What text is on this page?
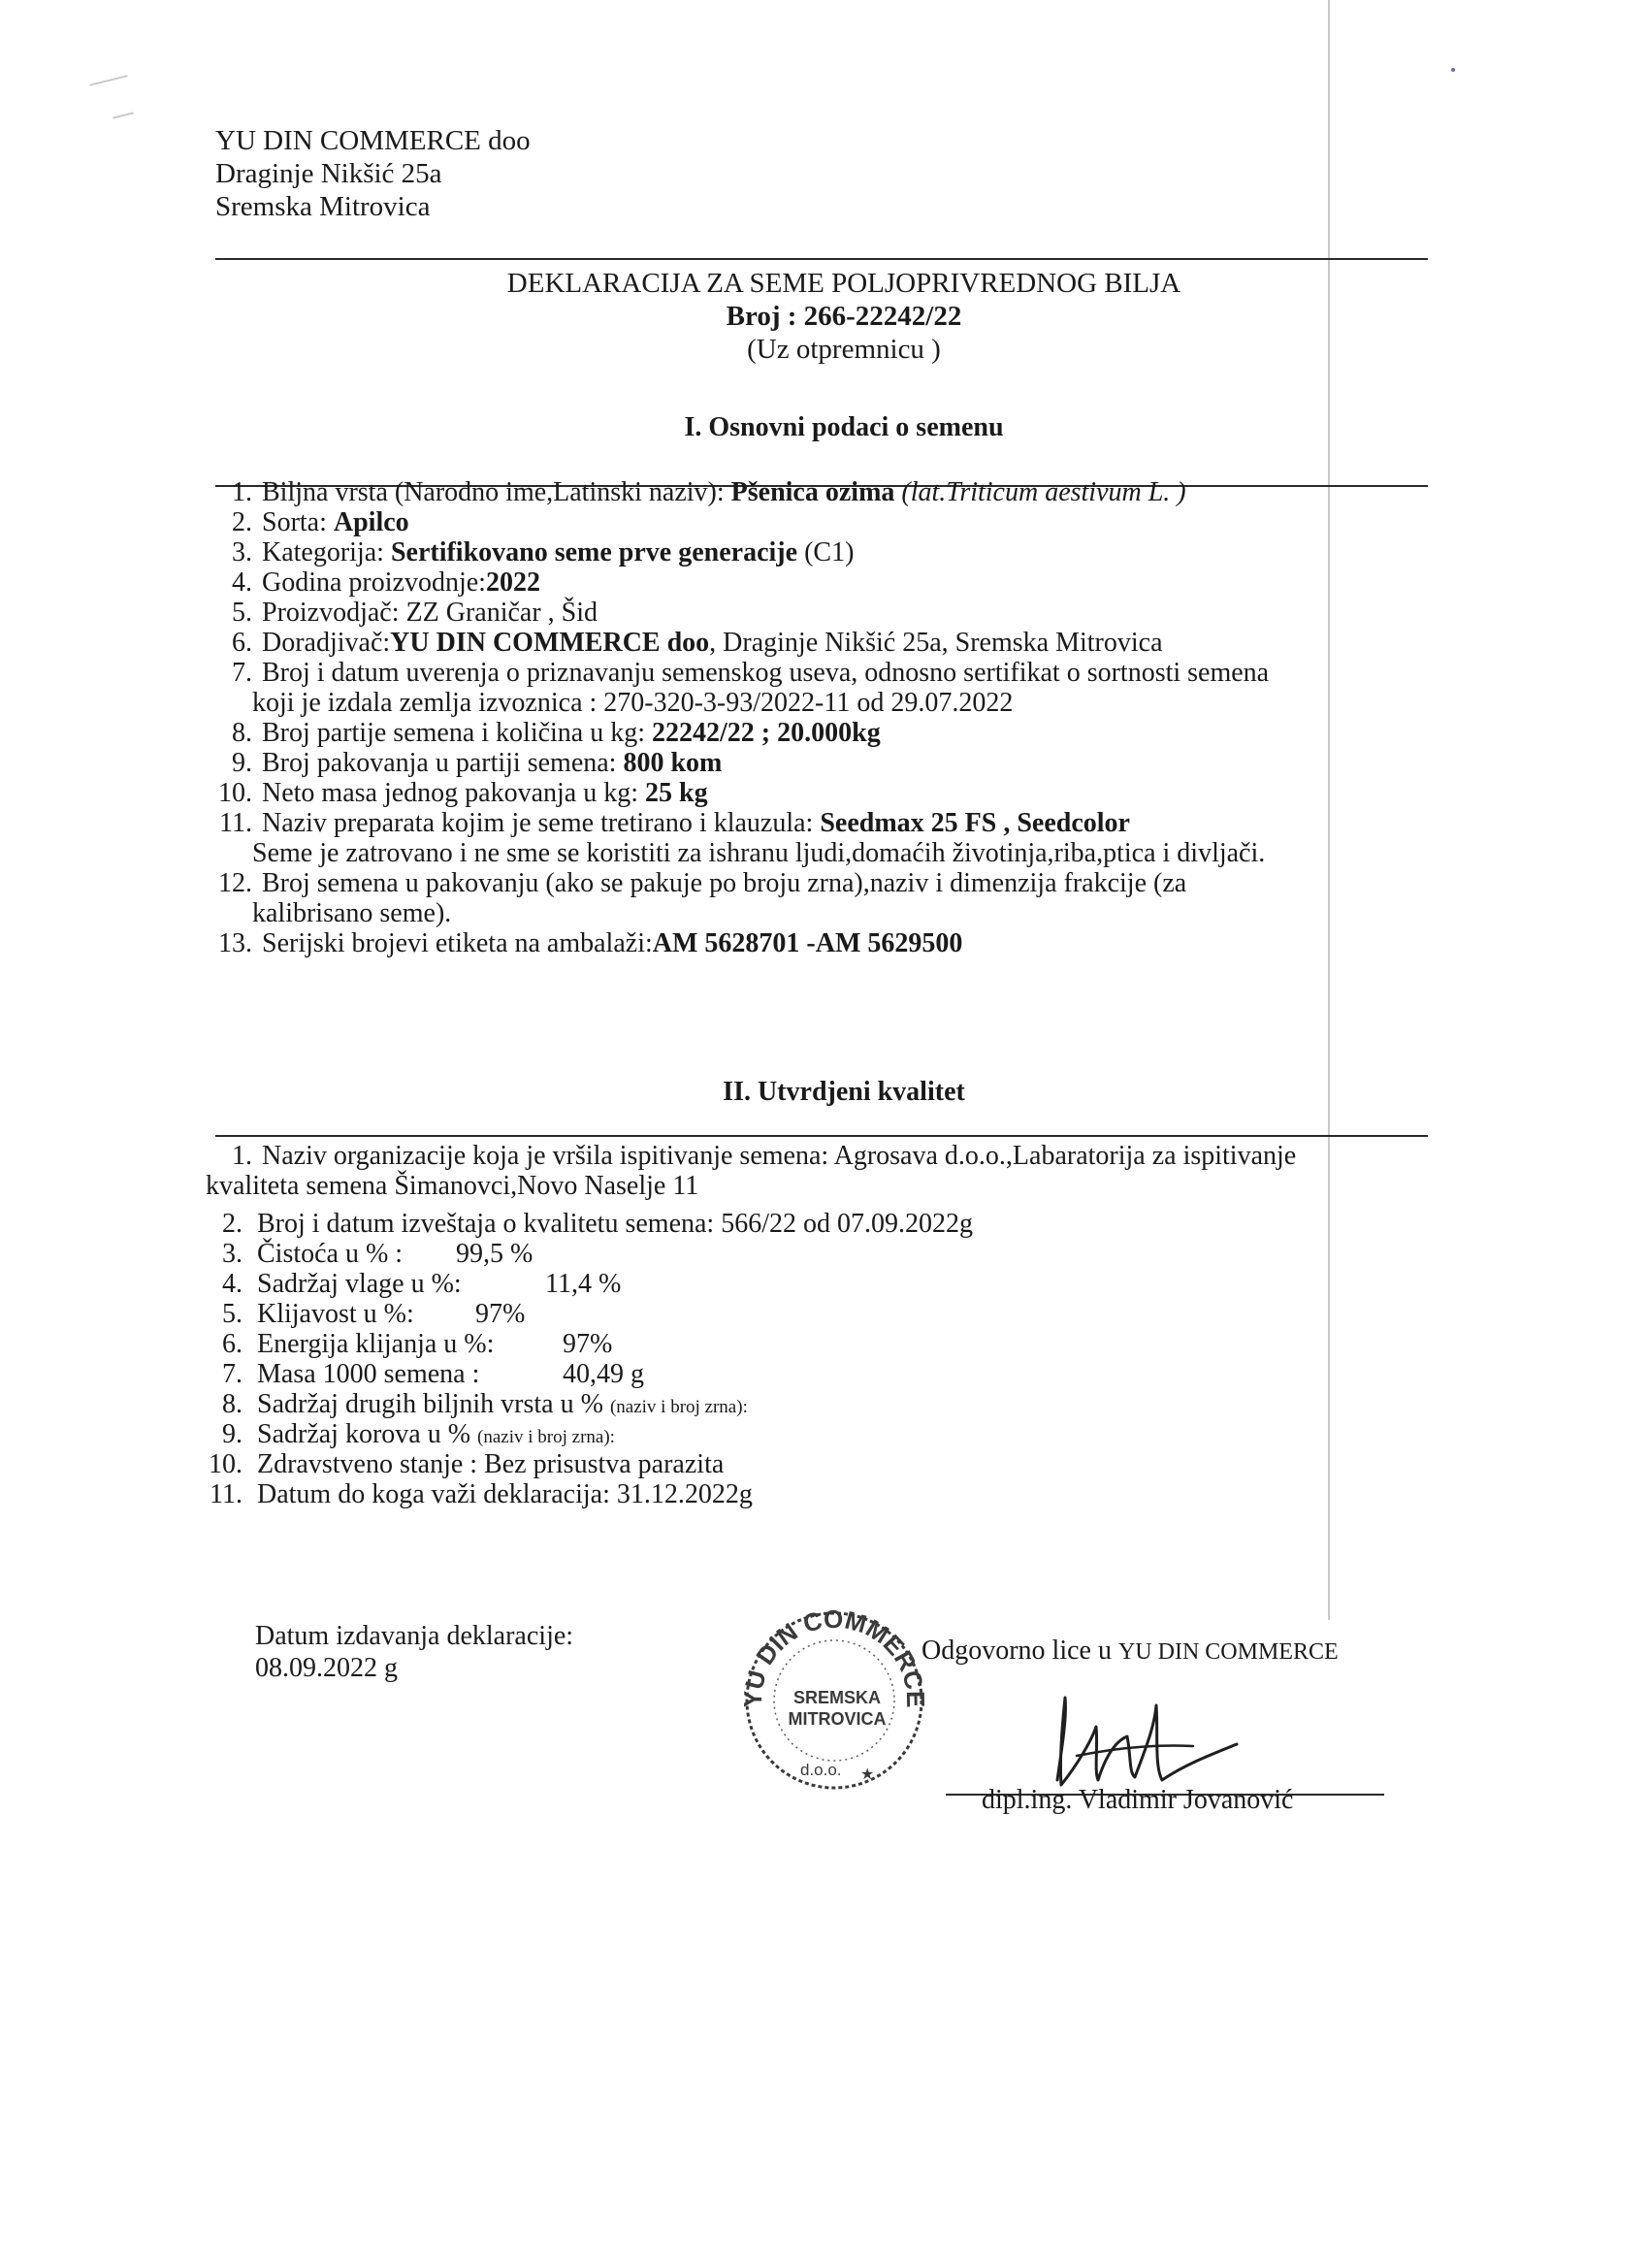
YU DIN COMMERCE doo
Draginje Nikšić 25a
Sremska Mitrovica
DEKLARACIJA ZA SEME POLJOPRIVREDNOG BILJA
Broj : 266-22242/22
(Uz otpremnicu )
I. Osnovni podaci o semenu
1. Biljna vrsta (Narodno ime,Latinski naziv): Pšenica ozima (lat.Triticum aestivum L. )
2. Sorta: Apilco
3. Kategorija: Sertifikovano seme prve generacije (C1)
4. Godina proizvodnje:2022
5. Proizvodjač: ZZ Graničar , Šid
6. Doradjivač:YU DIN COMMERCE doo, Draginje Nikšić 25a, Sremska Mitrovica
7. Broj i datum uverenja o priznavanju semenskog useva, odnosno sertifikat o sortnosti semena
koji je izdala zemlja izvoznica : 270-320-3-93/2022-11 od 29.07.2022
8. Broj partije semena i količina u kg: 22242/22 ; 20.000kg
9. Broj pakovanja u partiji semena: 800 kom
10. Neto masa jednog pakovanja u kg: 25 kg
11. Naziv preparata kojim je seme tretirano i klauzula: Seedmax 25 FS , Seedcolor
Seme je zatrovano i ne sme se koristiti za ishranu ljudi,domaćih životinja,riba,ptica i divljači.
12. Broj semena u pakovanju (ako se pakuje po broju zrna),naziv i dimenzija frakcije (za
kalibrisano seme).
13. Serijski brojevi etiketa na ambalaži:AM 5628701 -AM 5629500
II. Utvrdjeni kvalitet
1. Naziv organizacije koja je vršila ispitivanje semena: Agrosava d.o.o.,Labaratorija za ispitivanje
kvaliteta semena Šimanovci,Novo Naselje 11
2. Broj i datum izveštaja o kvalitetu semena: 566/22 od 07.09.2022g
3. Čistoća u % : 99,5 %
4. Sadržaj vlage u %:	11,4 %
5. Klijavost u %: 97%
6. Energija klijanja u %:	97%
7. Masa 1000 semena :	40,49 g
8. Sadržaj drugih biljnih vrsta u % (naziv i broj zrna):
9. Sadržaj korova u % (naziv i broj zrna):
10. Zdravstveno stanje : Bez prisustva parazita
11. Datum do koga važi deklaracija: 31.12.2022g
Datum izdavanja deklaracije:
08.09.2022 g
Odgovorno lice u YU DIN COMMERCE
YU DIN COMMERCE
SREMSKA
MITROVICA
d.o.o. ★
dipl.ing. Vladimir Jovanović
